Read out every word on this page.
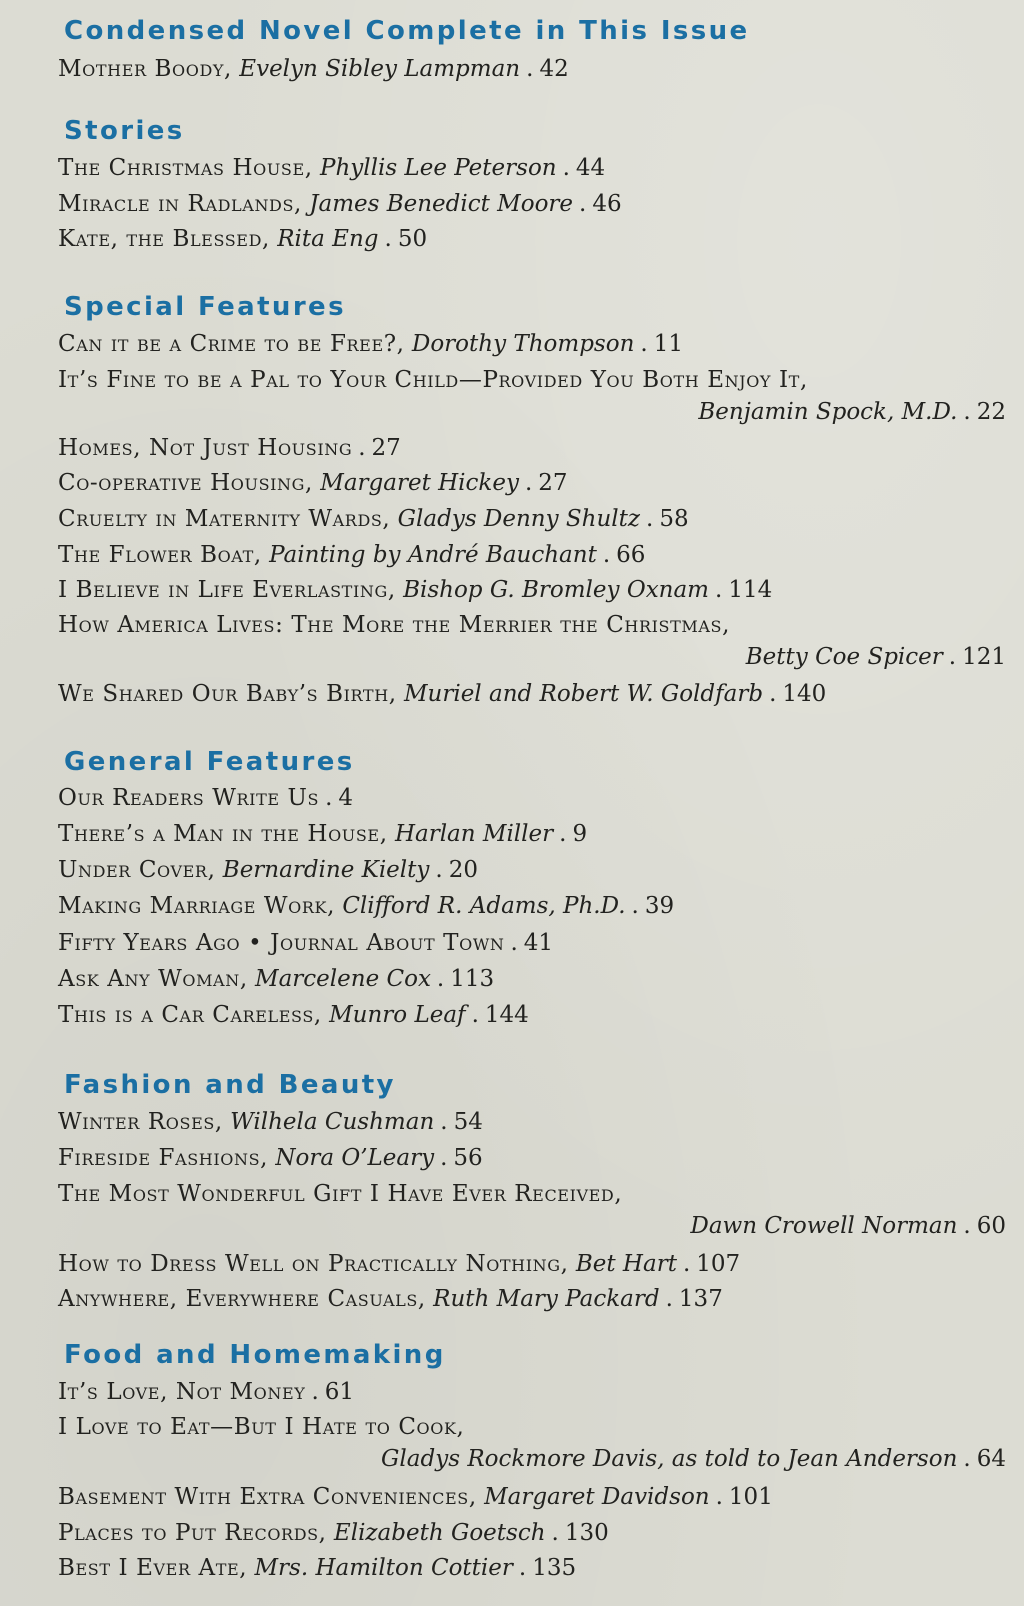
Condensed Novel Complete in This Issue
Mother Boody, Evelyn Sibley Lampman . 42
Stories
The Christmas House, Phyllis Lee Peterson . 44
Miracle in Radlands, James Benedict Moore . 46
Kate, the Blessed, Rita Eng . 50
Special Features
Can it be a Crime to be Free?, Dorothy Thompson . 11
It’s Fine to be a Pal to Your Child—Provided You Both Enjoy It,
Benjamin Spock, M.D. . 22
Homes, Not Just Housing . 27
Co-operative Housing, Margaret Hickey . 27
Cruelty in Maternity Wards, Gladys Denny Shultz . 58
The Flower Boat, Painting by André Bauchant . 66
I Believe in Life Everlasting, Bishop G. Bromley Oxnam . 114
How America Lives: The More the Merrier the Christmas,
Betty Coe Spicer . 121
We Shared Our Baby’s Birth, Muriel and Robert W. Goldfarb . 140
General Features
Our Readers Write Us . 4
There’s a Man in the House, Harlan Miller . 9
Under Cover, Bernardine Kielty . 20
Making Marriage Work, Clifford R. Adams, Ph.D. . 39
Fifty Years Ago • Journal About Town . 41
Ask Any Woman, Marcelene Cox . 113
This is a Car Careless, Munro Leaf . 144
Fashion and Beauty
Winter Roses, Wilhela Cushman . 54
Fireside Fashions, Nora O’Leary . 56
The Most Wonderful Gift I Have Ever Received,
Dawn Crowell Norman . 60
How to Dress Well on Practically Nothing, Bet Hart . 107
Anywhere, Everywhere Casuals, Ruth Mary Packard . 137
Food and Homemaking
It’s Love, Not Money . 61
I Love to Eat—But I Hate to Cook,
Gladys Rockmore Davis, as told to Jean Anderson . 64
Basement With Extra Conveniences, Margaret Davidson . 101
Places to Put Records, Elizabeth Goetsch . 130
Best I Ever Ate, Mrs. Hamilton Cottier . 135
